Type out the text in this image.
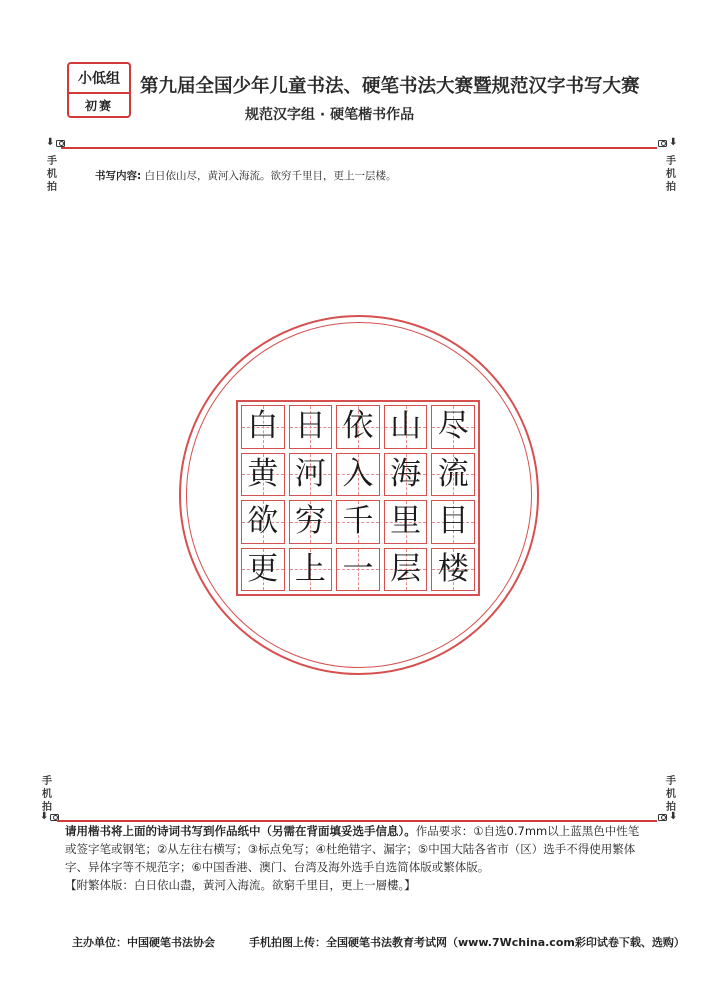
小低组
初赛
第九届全国少年儿童书法、硬笔书法大赛暨规范汉字书写大赛
规范汉字组 · 硬笔楷书作品
⬇	⬇
手机拍
手机拍
书写内容: 白日依山尽，黄河入海流。欲穷千里目，更上一层楼。
白 日 依 山 尽
黄 河 入 海 流
欲 穷 千 里 目
更 上 一 层 楼
手机拍
手机拍
⬇	⬇
请用楷书将上面的诗词书写到作品纸中（另需在背面填妥选手信息）。作品要求：①自选0.7mm以上蓝黑色中性笔或签字笔或钢笔；②从左往右横写；③标点免写；④杜绝错字、漏字；⑤中国大陆各省市（区）选手不得使用繁体字、异体字等不规范字；⑥中国香港、澳门、台湾及海外选手自选简体版或繁体版。
【附繁体版：白日依山盡，黃河入海流。欲窮千里目，更上一層樓。】
主办单位：中国硬笔书法协会	手机拍图上传：全国硬笔书法教育考试网（www.7Wchina.com彩印试卷下载、选购）
